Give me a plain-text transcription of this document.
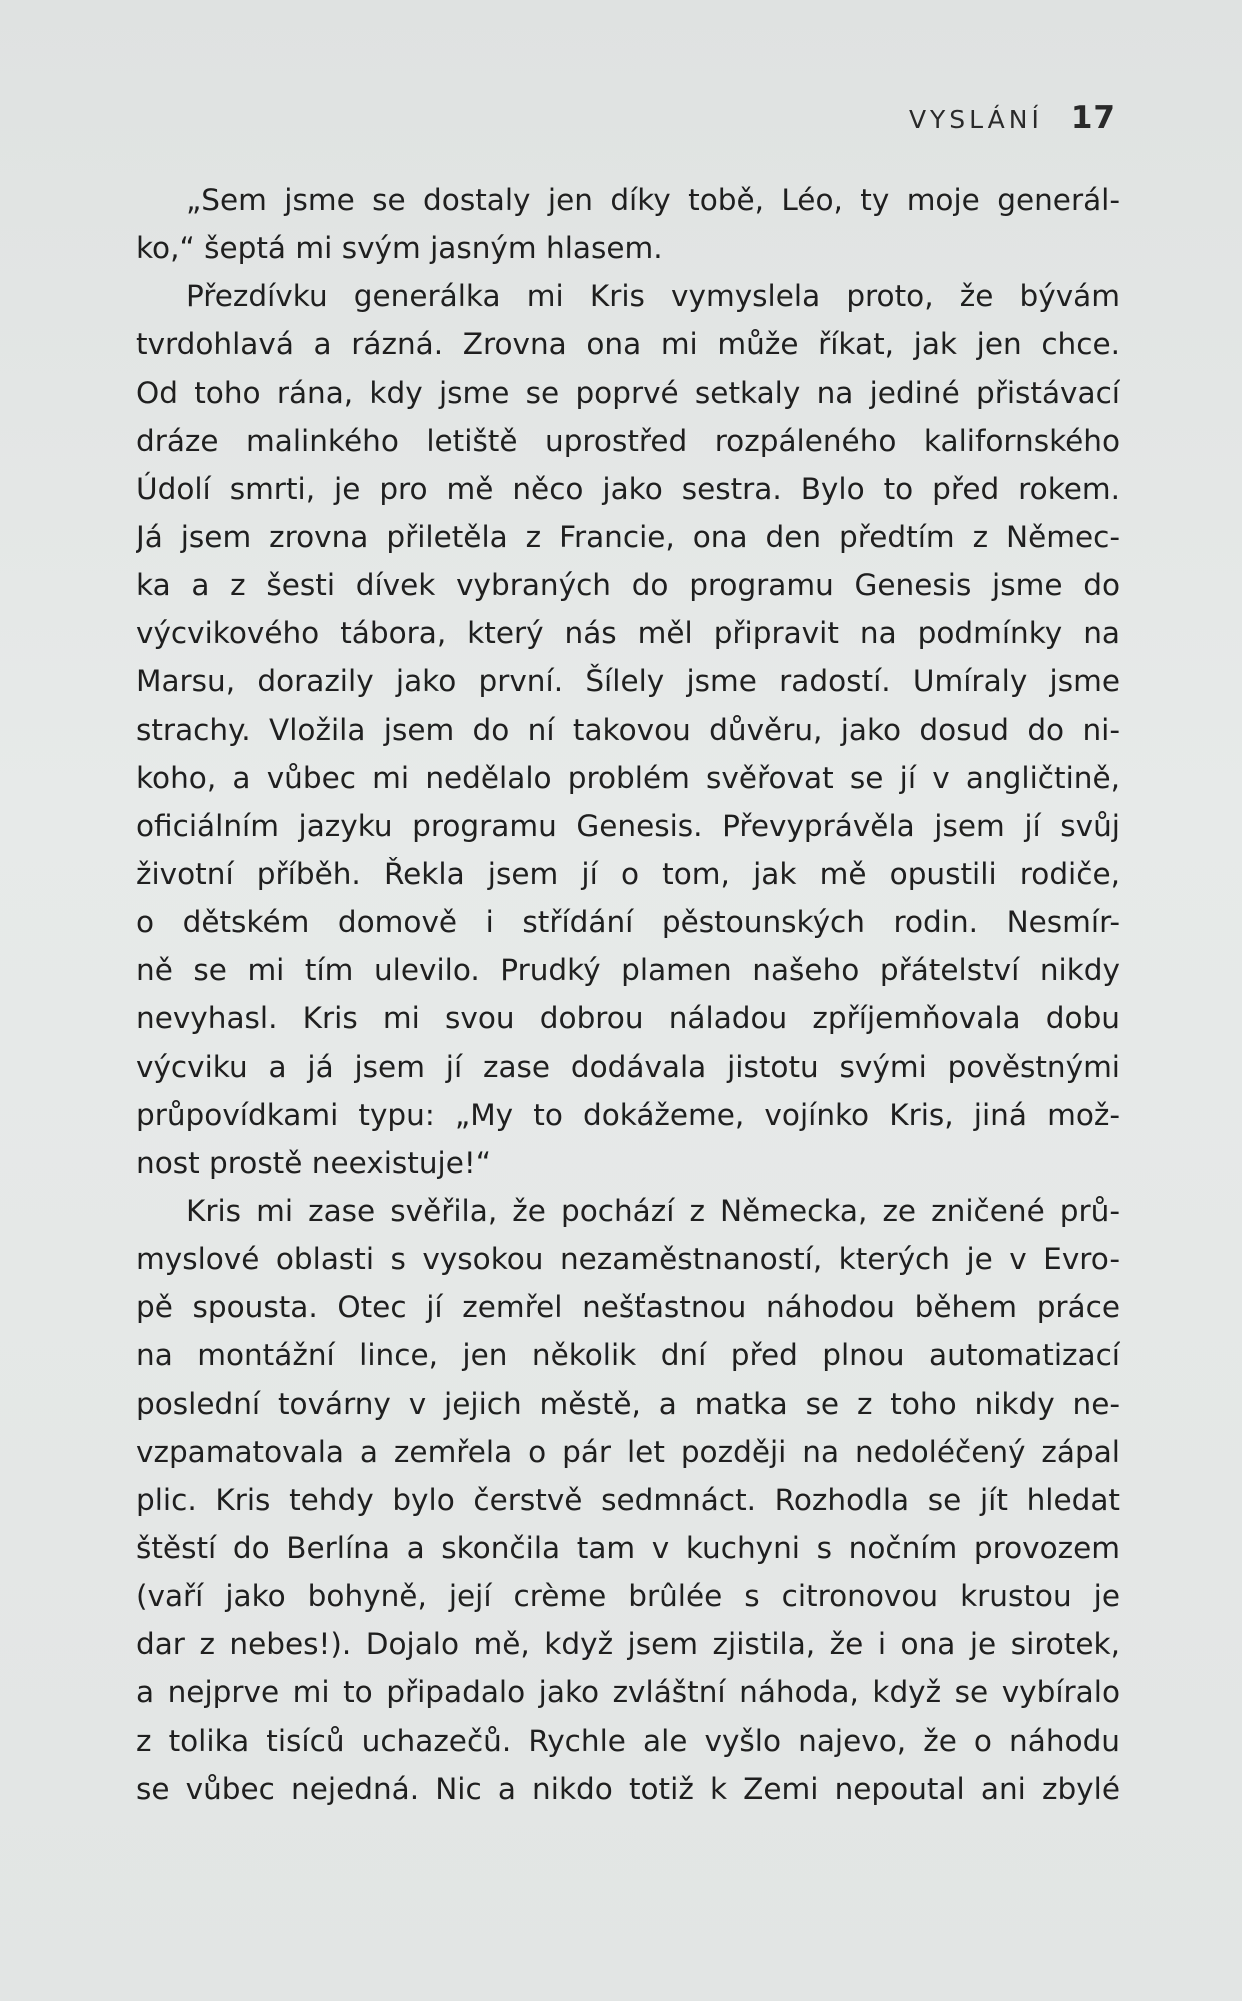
VYSLÁNÍ 17
„Sem jsme se dostaly jen díky tobě, Léo, ty moje generál-
ko,“ šeptá mi svým jasným hlasem.
Přezdívku generálka mi Kris vymyslela proto, že bývám
tvrdohlavá a rázná. Zrovna ona mi může říkat, jak jen chce.
Od toho rána, kdy jsme se poprvé setkaly na jediné přistávací
dráze malinkého letiště uprostřed rozpáleného kalifornského
Údolí smrti, je pro mě něco jako sestra. Bylo to před rokem.
Já jsem zrovna přiletěla z Francie, ona den předtím z Němec-
ka a z šesti dívek vybraných do programu Genesis jsme do
výcvikového tábora, který nás měl připravit na podmínky na
Marsu, dorazily jako první. Šílely jsme radostí. Umíraly jsme
strachy. Vložila jsem do ní takovou důvěru, jako dosud do ni-
koho, a vůbec mi nedělalo problém svěřovat se jí v angličtině,
oficiálním jazyku programu Genesis. Převyprávěla jsem jí svůj
životní příběh. Řekla jsem jí o tom, jak mě opustili rodiče,
o dětském domově i střídání pěstounských rodin. Nesmír-
ně se mi tím ulevilo. Prudký plamen našeho přátelství nikdy
nevyhasl. Kris mi svou dobrou náladou zpříjemňovala dobu
výcviku a já jsem jí zase dodávala jistotu svými pověstnými
průpovídkami typu: „My to dokážeme, vojínko Kris, jiná mož-
nost prostě neexistuje!“
Kris mi zase svěřila, že pochází z Německa, ze zničené prů-
myslové oblasti s vysokou nezaměstnaností, kterých je v Evro-
pě spousta. Otec jí zemřel nešťastnou náhodou během práce
na montážní lince, jen několik dní před plnou automatizací
poslední továrny v jejich městě, a matka se z toho nikdy ne-
vzpamatovala a zemřela o pár let později na nedoléčený zápal
plic. Kris tehdy bylo čerstvě sedmnáct. Rozhodla se jít hledat
štěstí do Berlína a skončila tam v kuchyni s nočním provozem
(vaří jako bohyně, její crème brûlée s citronovou krustou je
dar z nebes!). Dojalo mě, když jsem zjistila, že i ona je sirotek,
a nejprve mi to připadalo jako zvláštní náhoda, když se vybíralo
z tolika tisíců uchazečů. Rychle ale vyšlo najevo, že o náhodu
se vůbec nejedná. Nic a nikdo totiž k Zemi nepoutal ani zbylé
